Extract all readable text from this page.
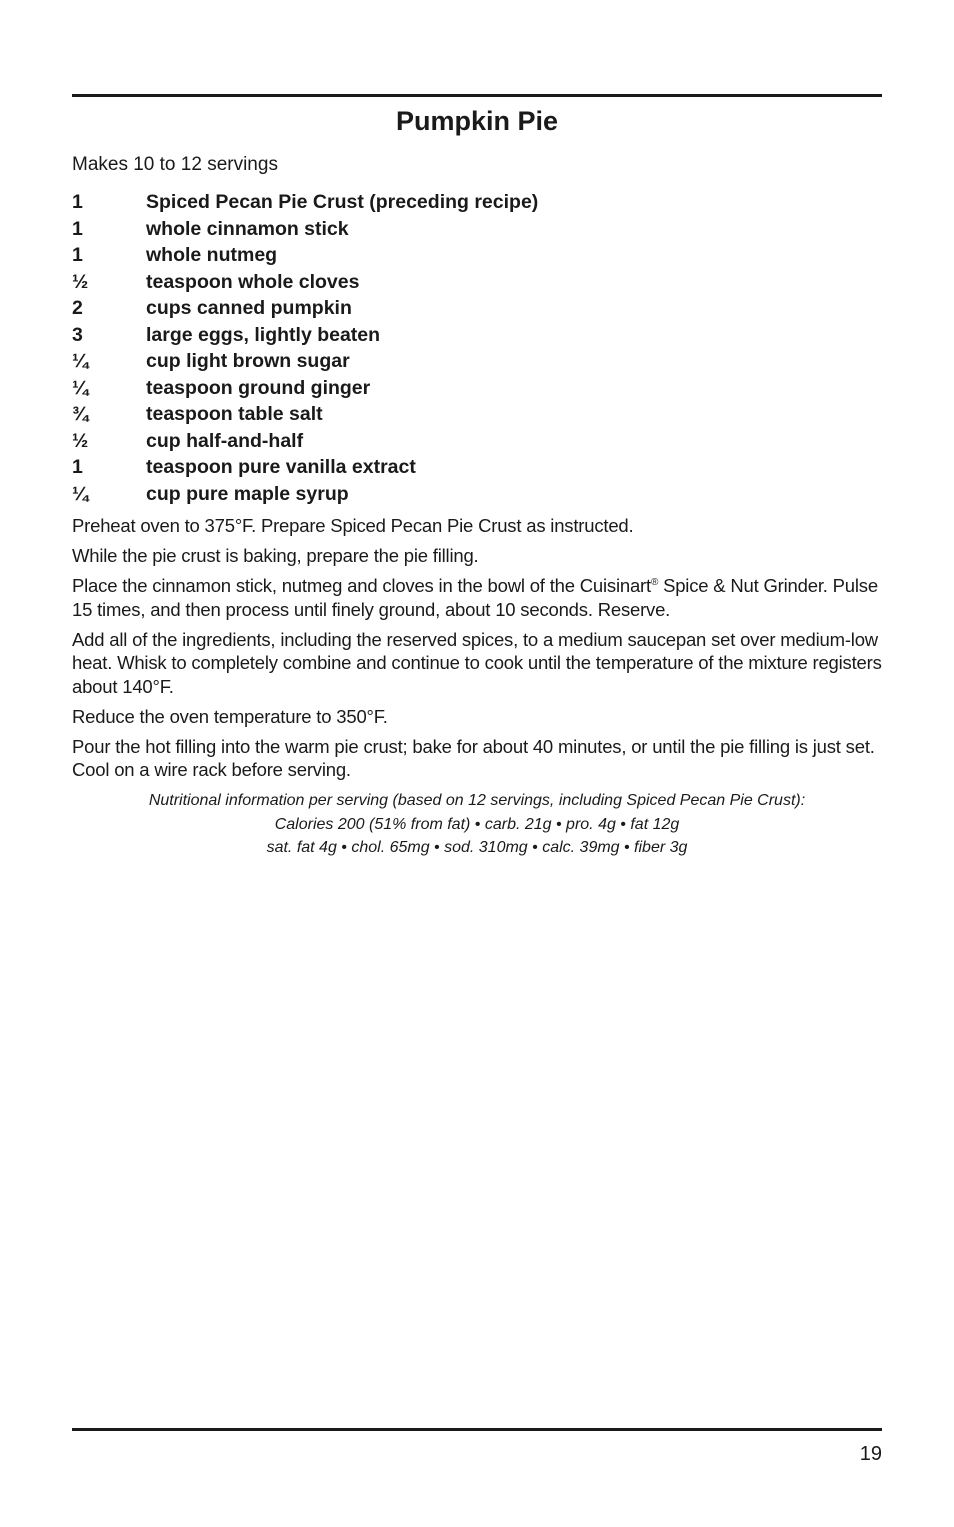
Pumpkin Pie
Makes 10 to 12 servings
1	Spiced Pecan Pie Crust (preceding recipe)
1	whole cinnamon stick
1	whole nutmeg
½	teaspoon whole cloves
2	cups canned pumpkin
3	large eggs, lightly beaten
¼	cup light brown sugar
¼	teaspoon ground ginger
¾	teaspoon table salt
½	cup half-and-half
1	teaspoon pure vanilla extract
¼	cup pure maple syrup

Preheat oven to 375°F. Prepare Spiced Pecan Pie Crust as instructed.

While the pie crust is baking, prepare the pie filling.

Place the cinnamon stick, nutmeg and cloves in the bowl of the Cuisinart® Spice & Nut Grinder. Pulse 15 times, and then process until finely ground, about 10 seconds. Reserve.

Add all of the ingredients, including the reserved spices, to a medium saucepan set over medium-low heat. Whisk to completely combine and continue to cook until the temperature of the mixture registers about 140°F.

Reduce the oven temperature to 350°F.

Pour the hot filling into the warm pie crust; bake for about 40 minutes, or until the pie filling is just set. Cool on a wire rack before serving.

Nutritional information per serving (based on 12 servings, including Spiced Pecan Pie Crust):
Calories 200 (51% from fat) • carb. 21g • pro. 4g • fat 12g
sat. fat 4g • chol. 65mg • sod. 310mg • calc. 39mg • fiber 3g
19
